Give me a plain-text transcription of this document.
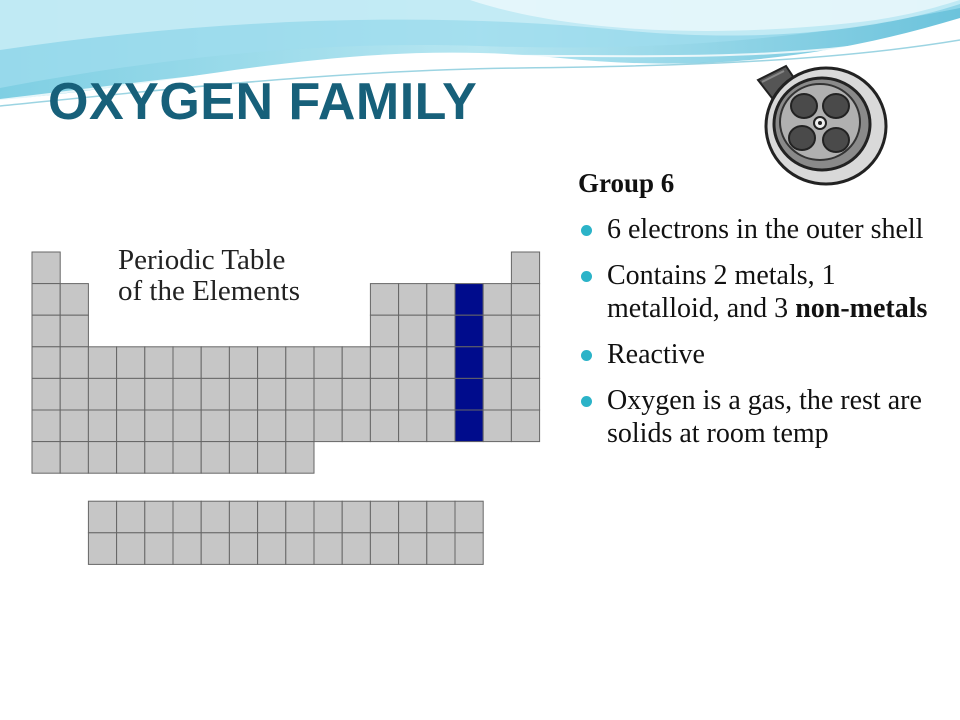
OXYGEN FAMILY

Group 6

6 electrons in the outer shell
Contains 2 metals, 1 metalloid, and 3 non-metals
Reactive
Oxygen is a gas, the rest are solids at room temp
Periodic Table
of the Elements
